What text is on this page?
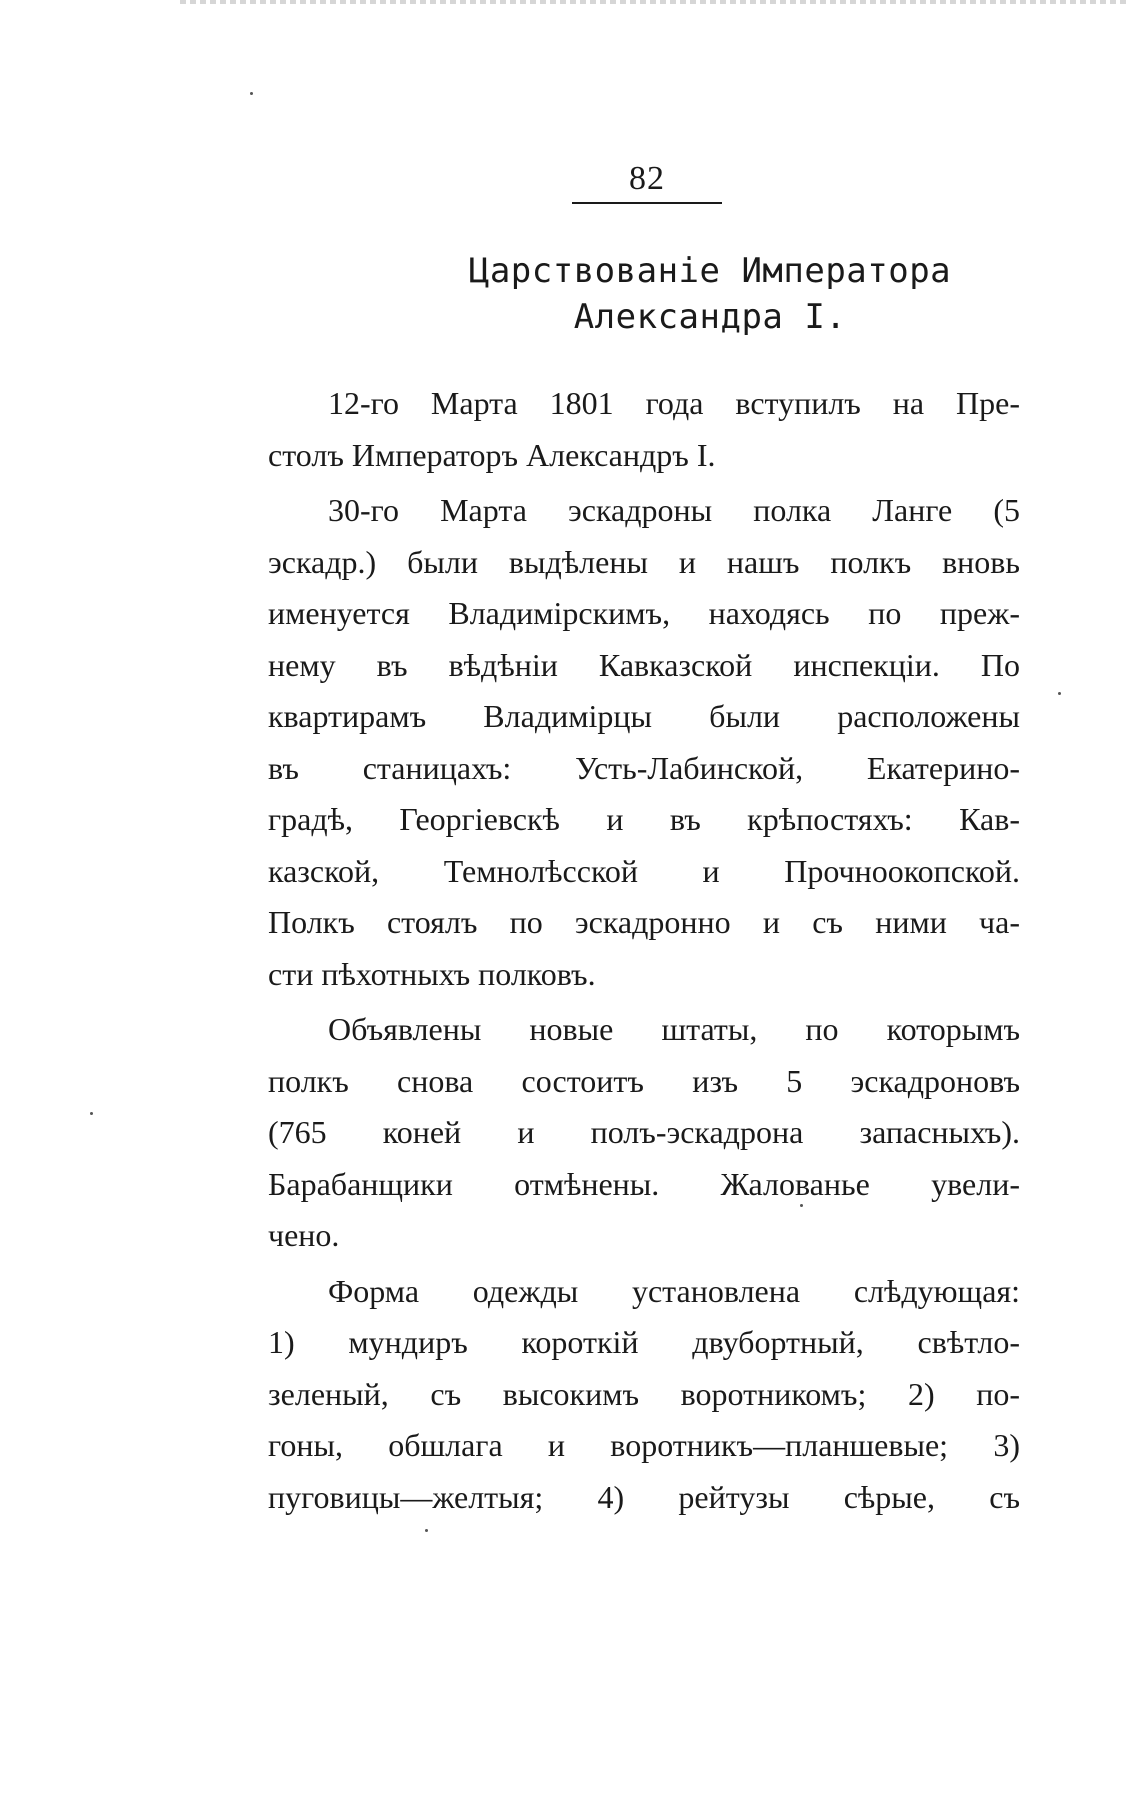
82
Царствованіе Императора
Александра I.
12-го Марта 1801 года вступилъ на Пре-
столъ Императоръ Александръ I.
30-го Марта эскадроны полка Ланге (5
эскадр.) были выдѣлены и нашъ полкъ вновь
именуется Владимірскимъ, находясь по преж-
нему въ вѣдѣніи Кавказской инспекціи. По
квартирамъ Владимірцы были расположены
въ станицахъ: Усть-Лабинской, Екатерино-
градѣ, Георгіевскѣ и въ крѣпостяхъ: Кав-
казской, Темнолѣсской и Прочноокопской.
Полкъ стоялъ по эскадронно и съ ними ча-
сти пѣхотныхъ полковъ.
Объявлены новые штаты, по которымъ
полкъ снова состоитъ изъ 5 эскадроновъ
(765 коней и полъ-эскадрона запасныхъ).
Барабанщики отмѣнены. Жалованье увели-
чено.
Форма одежды установлена слѣдующая:
1) мундиръ короткій двубортный, свѣтло-
зеленый, съ высокимъ воротникомъ; 2) по-
гоны, обшлага и воротникъ—планшевые; 3)
пуговицы—желтыя; 4) рейтузы сѣрые, съ
